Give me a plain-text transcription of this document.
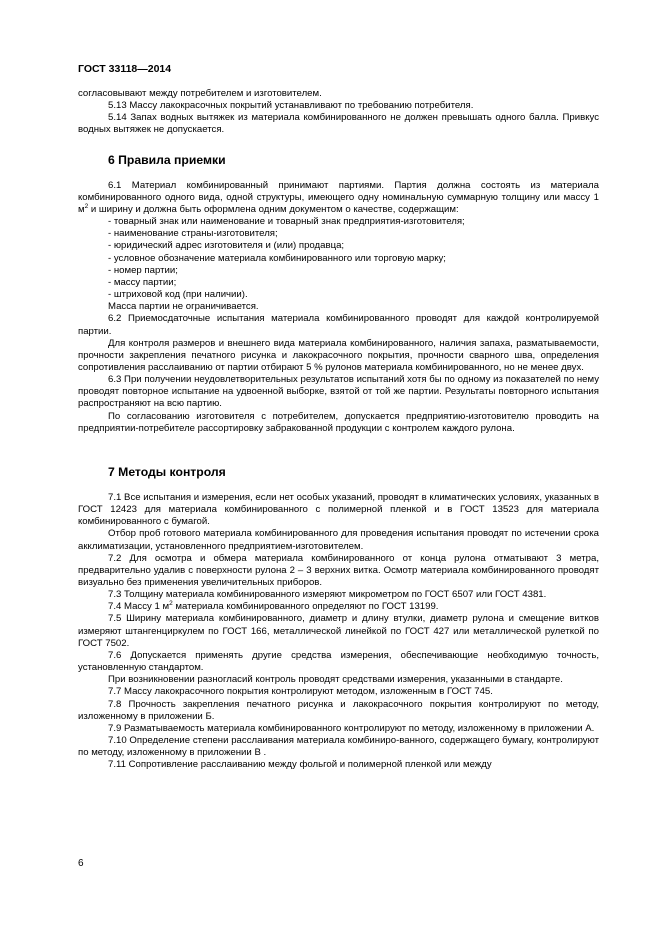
ГОСТ 33118—2014

согласовывают между потребителем и изготовителем.

5.13 Массу лакокрасочных покрытий устанавливают по требованию потребителя.

5.14 Запах водных вытяжек из материала комбинированного не должен превышать одного балла. Привкус водных вытяжек не допускается.

6 Правила приемки

6.1 Материал комбинированный принимают партиями. Партия должна состоять из материала комбинированного одного вида, одной структуры, имеющего одну номинальную суммарную толщину или массу 1 $м^2$ и ширину и должна быть оформлена одним документом о качестве, содержащим:

- товарный знак или наименование и товарный знак предприятия-изготовителя;

- наименование страны-изготовителя;

- юридический адрес изготовителя и (или) продавца;

- условное обозначение материала комбинированного или торговую марку;

- номер партии;

- массу партии;

- штриховой код (при наличии).

Масса партии не ограничивается.

6.2 Приемосдаточные испытания материала комбинированного проводят для каждой контролируемой партии.

Для контроля размеров и внешнего вида материала комбинированного, наличия запаха, разматываемости, прочности закрепления печатного рисунка и лакокрасочного покрытия, прочности сварного шва, определения сопротивления расслаиванию от партии отбирают 5 % рулонов материала комбинированного, но не менее двух.

6.3 При получении неудовлетворительных результатов испытаний хотя бы по одному из показателей по нему проводят повторное испытание на удвоенной выборке, взятой от той же партии. Результаты повторного испытания распространяют на всю партию.

По согласованию изготовителя с потребителем, допускается предприятию-изготовителю проводить на предприятии-потребителе рассортировку забракованной продукции с контролем каждого рулона.

7 Методы контроля

7.1 Все испытания и измерения, если нет особых указаний, проводят в климатических условиях, указанных в ГОСТ 12423 для материала комбинированного с полимерной пленкой и в ГОСТ 13523 для материала комбинированного с бумагой.

Отбор проб готового материала комбинированного для проведения испытания проводят по истечении срока акклиматизации, установленного предприятием-изготовителем.

7.2 Для осмотра и обмера материала комбинированного от конца рулона отматывают 3 метра, предварительно удалив с поверхности рулона 2 – 3 верхних витка. Осмотр материала комбинированного проводят визуально без применения увеличительных приборов.

7.3 Толщину материала комбинированного измеряют микрометром по ГОСТ 6507 или ГОСТ 4381.

7.4 Массу 1 $м^2$ материала комбинированного определяют по ГОСТ 13199.

7.5 Ширину материала комбинированного, диаметр и длину втулки, диаметр рулона и смещение витков измеряют штангенциркулем по ГОСТ 166, металлической линейкой по ГОСТ 427 или металлической рулеткой по ГОСТ 7502.

7.6 Допускается применять другие средства измерения, обеспечивающие необходимую точность, установленную стандартом.

При возникновении разногласий контроль проводят средствами измерения, указанными в стандарте.

7.7 Массу лакокрасочного покрытия контролируют методом, изложенным в ГОСТ 745.

7.8 Прочность закрепления печатного рисунка и лакокрасочного покрытия контролируют по методу, изложенному в приложении Б.

7.9 Разматываемость материала комбинированного контролируют по методу, изложенному в приложении А.

7.10 Определение степени расслаивания материала комбиниро-ванного, содержащего бумагу, контролируют по методу, изложенному в приложении В .

7.11 Сопротивление расслаиванию между фольгой и полимерной пленкой или между

6
